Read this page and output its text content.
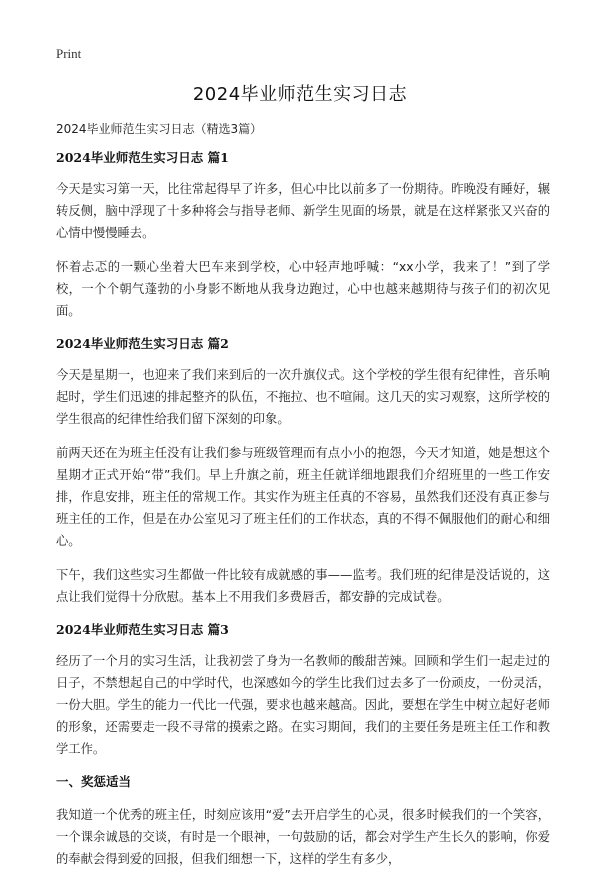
Print
2024毕业师范生实习日志
2024毕业师范生实习日志（精选3篇）
2024毕业师范生实习日志 篇1

今天是实习第一天，比往常起得早了许多，但心中比以前多了一份期待。昨晚没有睡好，辗转反侧，脑中浮现了十多种将会与指导老师、新学生见面的场景，就是在这样紧张又兴奋的心情中慢慢睡去。

怀着忐忑的一颗心坐着大巴车来到学校，心中轻声地呼喊：“xx小学，我来了！”到了学校，一个个朝气蓬勃的小身影不断地从我身边跑过，心中也越来越期待与孩子们的初次见面。

2024毕业师范生实习日志 篇2

今天是星期一，也迎来了我们来到后的一次升旗仪式。这个学校的学生很有纪律性，音乐响起时，学生们迅速的排起整齐的队伍，不拖拉、也不喧闹。这几天的实习观察，这所学校的学生很高的纪律性给我们留下深刻的印象。

前两天还在为班主任没有让我们参与班级管理而有点小小的抱怨，今天才知道，她是想这个星期才正式开始“带”我们。早上升旗之前，班主任就详细地跟我们介绍班里的一些工作安排，作息安排，班主任的常规工作。其实作为班主任真的不容易，虽然我们还没有真正参与班主任的工作，但是在办公室见习了班主任们的工作状态，真的不得不佩服他们的耐心和细心。

下午，我们这些实习生都做一件比较有成就感的事——监考。我们班的纪律是没话说的，这点让我们觉得十分欣慰。基本上不用我们多费唇舌，都安静的完成试卷。

2024毕业师范生实习日志 篇3

经历了一个月的实习生活，让我初尝了身为一名教师的酸甜苦辣。回顾和学生们一起走过的日子，不禁想起自己的中学时代，也深感如今的学生比我们过去多了一份顽皮，一份灵活，一份大胆。学生的能力一代比一代强，要求也越来越高。因此，要想在学生中树立起好老师的形象，还需要走一段不寻常的摸索之路。在实习期间，我们的主要任务是班主任工作和教学工作。

一、奖惩适当

我知道一个优秀的班主任，时刻应该用“爱”去开启学生的心灵，很多时候我们的一个笑容，一个课余诚恳的交谈，有时是一个眼神，一句鼓励的话，都会对学生产生长久的影响，你爱的奉献会得到爱的回报，但我们细想一下，这样的学生有多少，
